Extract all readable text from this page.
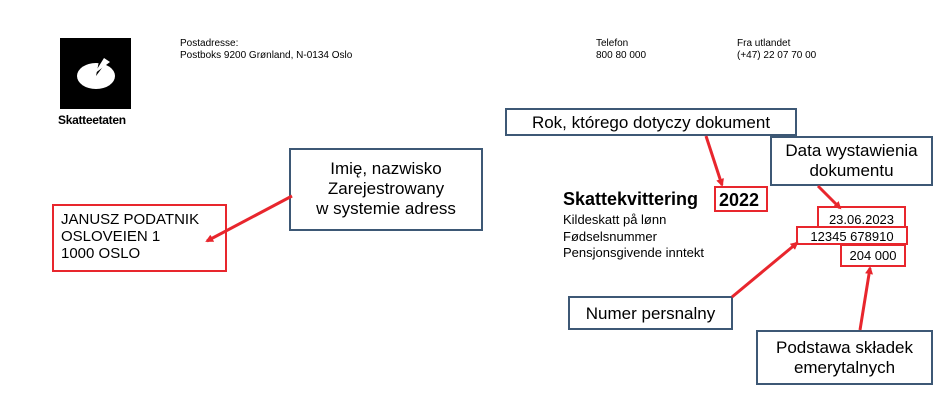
Skatteetaten
Postadresse:
Postboks 9200 Grønland, N-0134 Oslo
Telefon
800 80 000
Fra utlandet
(+47) 22 07 70 00
JANUSZ PODATNIK
OSLOVEIEN 1
1000 OSLO
Skattekvittering 2022
Kildeskatt på lønn
Fødselsnummer
Pensjonsgivende inntekt
23.06.2023
12345 678910
204 000
Imię, nazwisko
Zarejestrowany
w systemie adress
Rok, którego dotyczy dokument
Data wystawienia
dokumentu
Numer persnalny
Podstawa składek
emerytalnych
